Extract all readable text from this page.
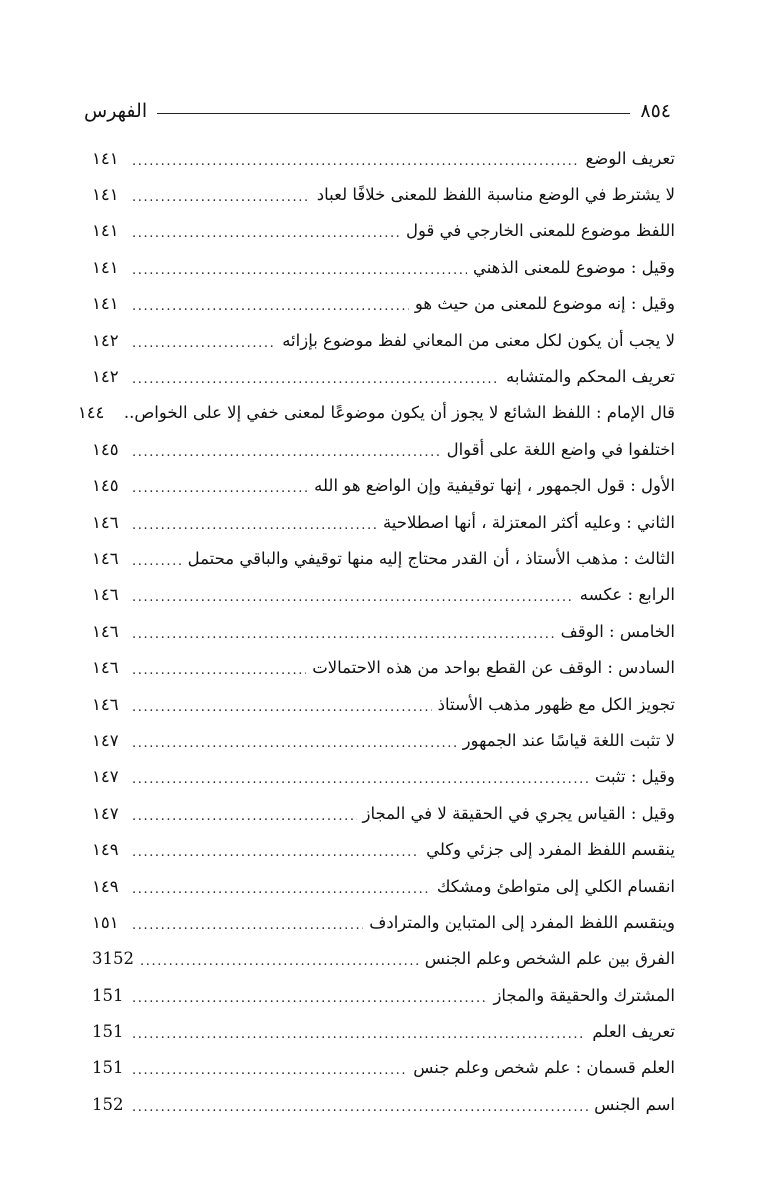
الفهرس	٨٥٤
تعريف الوضع
.....
١٤١
لا يشترط في الوضع مناسبة اللفظ للمعنى خلافًا لعباد
.....
١٤١
اللفظ موضوع للمعنى الخارجي في قول
.....
١٤١
وقيل : موضوع للمعنى الذهني
.....
١٤١
وقيل : إنه موضوع للمعنى من حيث هو
.....
١٤١
لا يجب أن يكون لكل معنى من المعاني لفظ موضوع بإزائه
.....
١٤٢
تعريف المحكم والمتشابه
.....
١٤٢
قال الإمام : اللفظ الشائع لا يجوز أن يكون موضوعًا لمعنى خفي إلا على الخواص..
١٤٤
اختلفوا في واضع اللغة على أقوال
.....
١٤٥
الأول : قول الجمهور ، إنها توقيفية وإن الواضع هو الله
.....
١٤٥
الثاني : وعليه أكثر المعتزلة ، أنها اصطلاحية
.....
١٤٦
الثالث : مذهب الأستاذ ، أن القدر محتاج إليه منها توقيفي والباقي محتمل
.....
١٤٦
الرابع : عكسه
.....
١٤٦
الخامس : الوقف
.....
١٤٦
السادس : الوقف عن القطع بواحد من هذه الاحتمالات
.....
١٤٦
تجويز الكل مع ظهور مذهب الأستاذ
.....
١٤٦
لا تثبت اللغة قياسًا عند الجمهور
.....
١٤٧
وقيل : تثبت
.....
١٤٧
وقيل : القياس يجري في الحقيقة لا في المجاز
.....
١٤٧
ينقسم اللفظ المفرد إلى جزئي وكلي
.....
١٤٩
انقسام الكلي إلى متواطئ ومشكك
.....
١٤٩
وينقسم اللفظ المفرد إلى المتباين والمترادف
.....
١٥١
الفرق بين علم الشخص وعلم الجنس
.....
3152
المشترك والحقيقة والمجاز
.....
151
تعريف العلم
.....
151
العلم قسمان : علم شخص وعلم جنس
.....
151
اسم الجنس
.....
152
